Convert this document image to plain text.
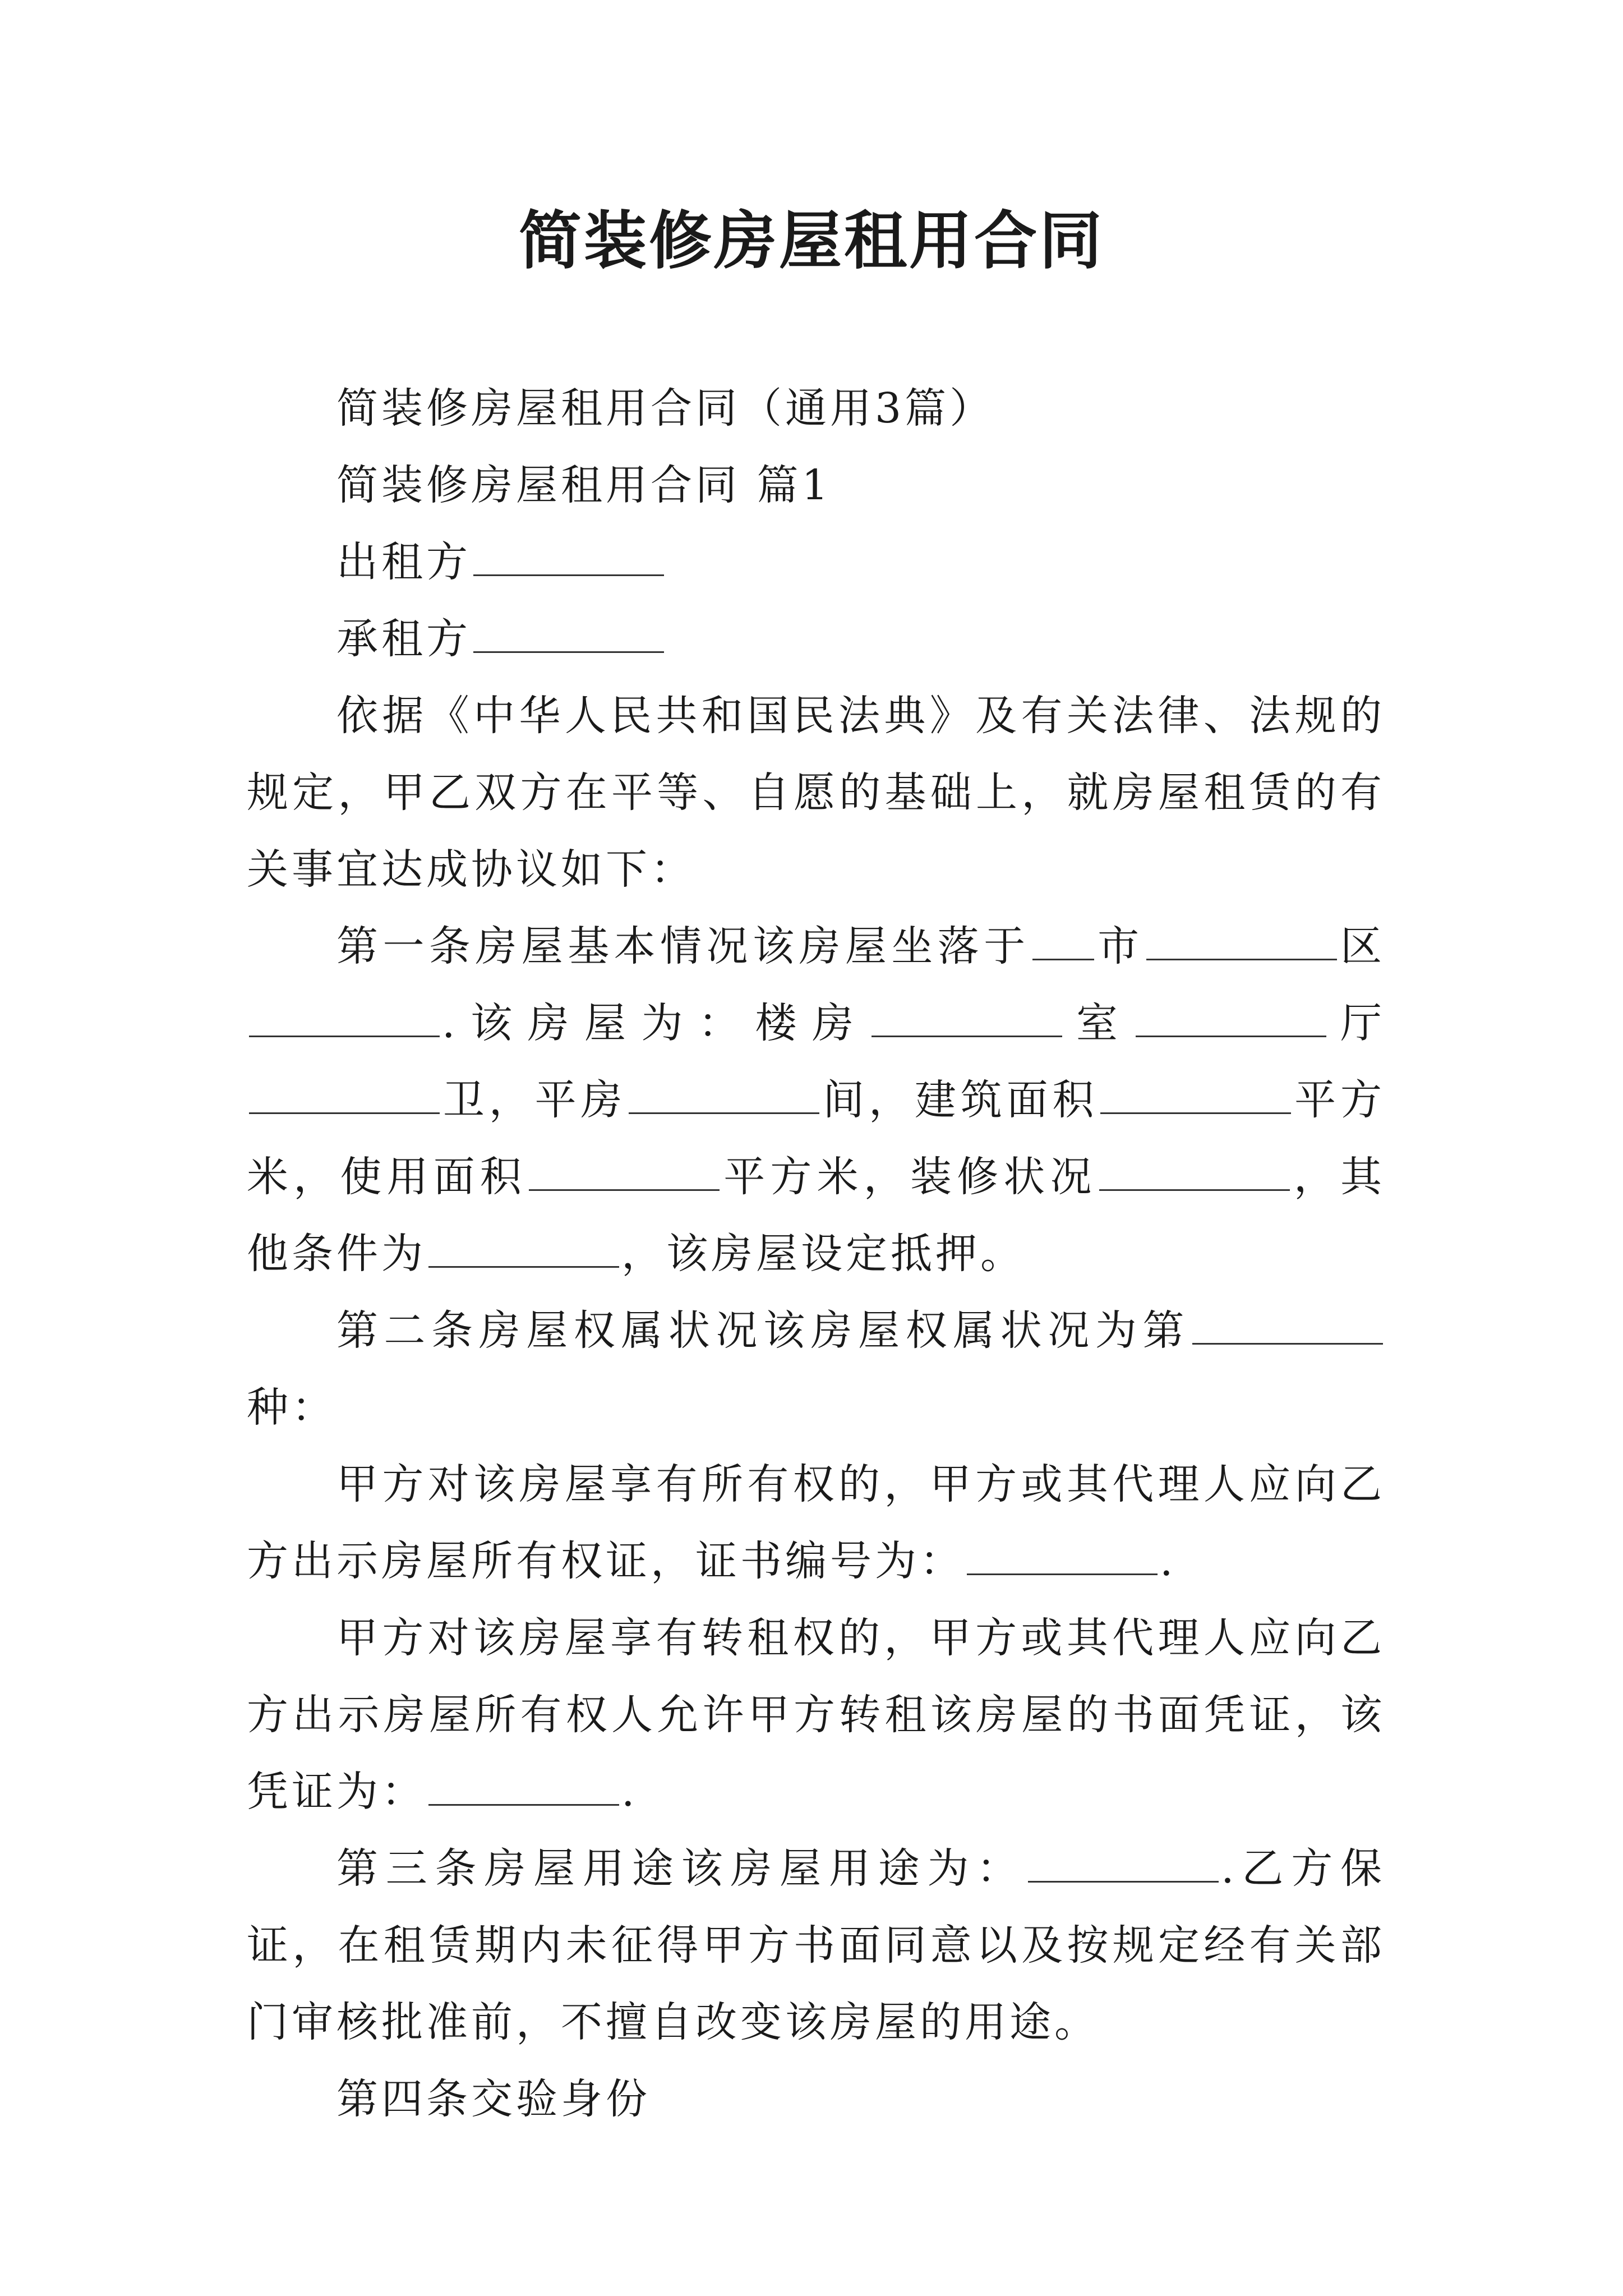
简装修房屋租用合同

简装修房屋租用合同（通用3篇）

简装修房屋租用合同 篇1

出租方

承租方

依据《中华人民共和国民法典》及有关法律、法规的规定，甲乙双方在平等、自愿的基础上，就房屋租赁的有关事宜达成协议如下：

第一条房屋基本情况该房屋坐落于 市	区.该房屋为：楼房	室	厅卫，平房	间，建筑面积	平方米，使用面积	平方米，装修状况	，其他条件为	，该房屋设定抵押。

第二条房屋权属状况该房屋权属状况为第种：

甲方对该房屋享有所有权的，甲方或其代理人应向乙方出示房屋所有权证，证书编号为：	.

甲方对该房屋享有转租权的，甲方或其代理人应向乙方出示房屋所有权人允许甲方转租该房屋的书面凭证，该凭证为：	.

第三条房屋用途该房屋用途为：	.乙方保证，在租赁期内未征得甲方书面同意以及按规定经有关部门审核批准前，不擅自改变该房屋的用途。

第四条交验身份
